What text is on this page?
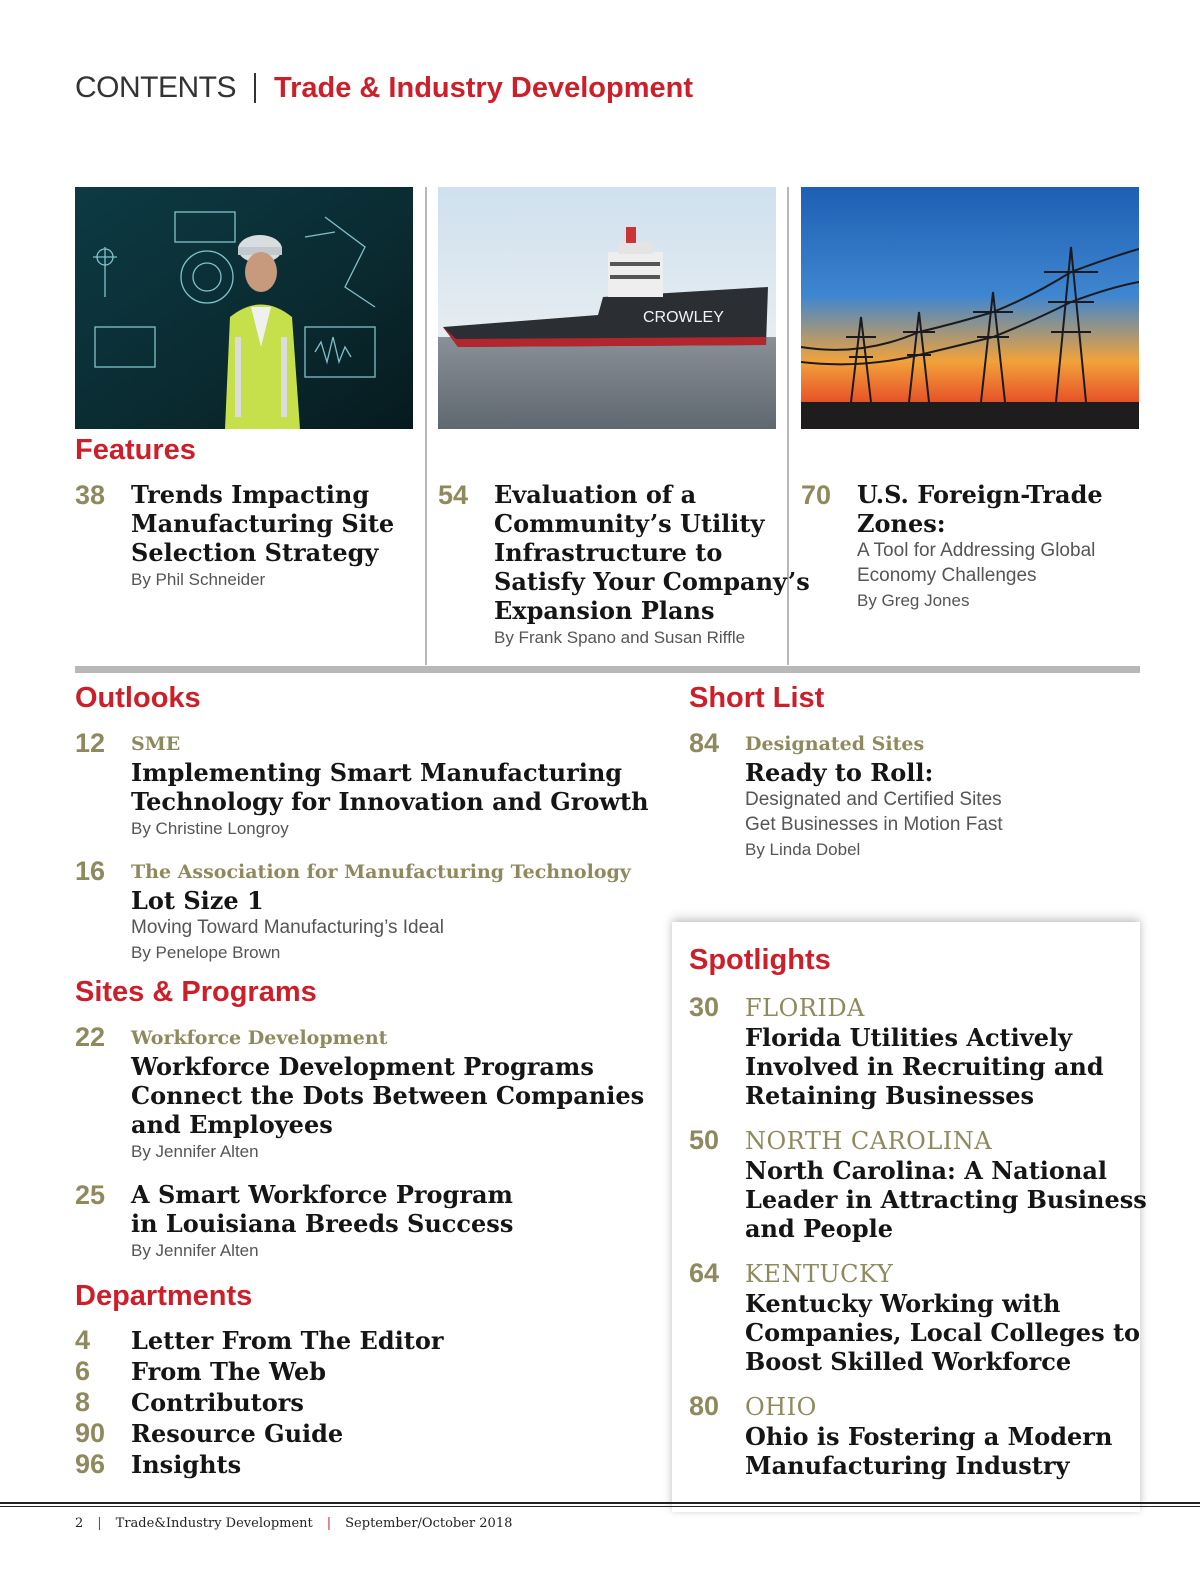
CONTENTS Trade & Industry Development
CROWLEY
Features
38 Trends Impacting
Manufacturing Site
Selection Strategy
By Phil Schneider
54 Evaluation of a
Community’s Utility
Infrastructure to
Satisfy Your Company’s
Expansion Plans
By Frank Spano and Susan Riffle
70 U.S. Foreign-Trade
Zones:
A Tool for Addressing Global
Economy Challenges
By Greg Jones
Outlooks
12 SME
Implementing Smart Manufacturing
Technology for Innovation and Growth
By Christine Longroy
16 The Association for Manufacturing Technology
Lot Size 1
Moving Toward Manufacturing’s Ideal
By Penelope Brown
Short List
84 Designated Sites
Ready to Roll:
Designated and Certified Sites
Get Businesses in Motion Fast
By Linda Dobel
Sites & Programs
22 Workforce Development
Workforce Development Programs
Connect the Dots Between Companies
and Employees
By Jennifer Alten
25 A Smart Workforce Program
in Louisiana Breeds Success
By Jennifer Alten
Departments
4	Letter From The Editor
6	From The Web
8	Contributors
90	Resource Guide
96	Insights
Spotlights
30 FLORIDA
Florida Utilities Actively
Involved in Recruiting and
Retaining Businesses
50 NORTH CAROLINA
North Carolina: A National
Leader in Attracting Business
and People
64 KENTUCKY
Kentucky Working with
Companies, Local Colleges to
Boost Skilled Workforce
80 OHIO
Ohio is Fostering a Modern
Manufacturing Industry
2 | Trade&Industry Development | September/October 2018
